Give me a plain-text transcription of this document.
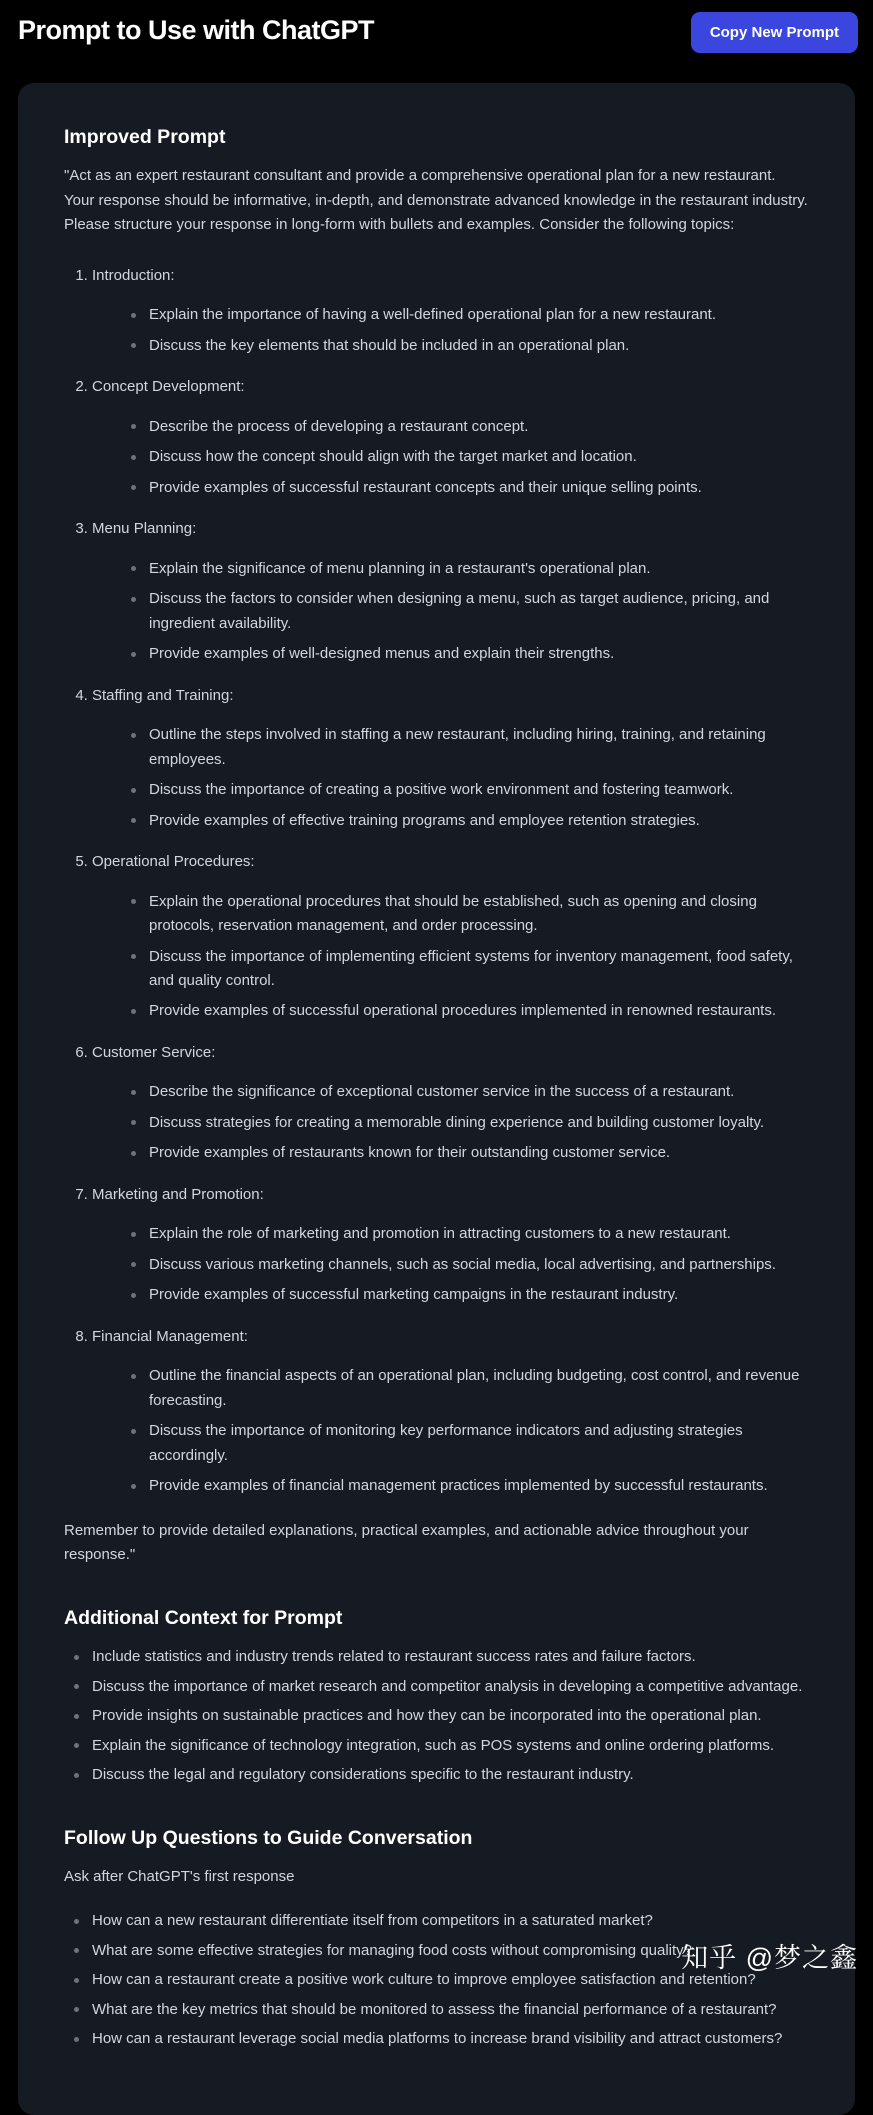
Prompt to Use with ChatGPT	Copy New Prompt
Improved Prompt

"Act as an expert restaurant consultant and provide a comprehensive operational plan for a new restaurant. Your response should be informative, in-depth, and demonstrate advanced knowledge in the restaurant industry. Please structure your response in long-form with bullets and examples. Consider the following topics:

1. Introduction:
Explain the importance of having a well-defined operational plan for a new restaurant.
Discuss the key elements that should be included in an operational plan.
2. Concept Development:
Describe the process of developing a restaurant concept.
Discuss how the concept should align with the target market and location.
Provide examples of successful restaurant concepts and their unique selling points.
3. Menu Planning:
Explain the significance of menu planning in a restaurant's operational plan.
Discuss the factors to consider when designing a menu, such as target audience, pricing, and ingredient availability.
Provide examples of well-designed menus and explain their strengths.
4. Staffing and Training:
Outline the steps involved in staffing a new restaurant, including hiring, training, and retaining employees.
Discuss the importance of creating a positive work environment and fostering teamwork.
Provide examples of effective training programs and employee retention strategies.
5. Operational Procedures:
Explain the operational procedures that should be established, such as opening and closing protocols, reservation management, and order processing.
Discuss the importance of implementing efficient systems for inventory management, food safety, and quality control.
Provide examples of successful operational procedures implemented in renowned restaurants.
6. Customer Service:
Describe the significance of exceptional customer service in the success of a restaurant.
Discuss strategies for creating a memorable dining experience and building customer loyalty.
Provide examples of restaurants known for their outstanding customer service.
7. Marketing and Promotion:
Explain the role of marketing and promotion in attracting customers to a new restaurant.
Discuss various marketing channels, such as social media, local advertising, and partnerships.
Provide examples of successful marketing campaigns in the restaurant industry.
8. Financial Management:
Outline the financial aspects of an operational plan, including budgeting, cost control, and revenue forecasting.
Discuss the importance of monitoring key performance indicators and adjusting strategies accordingly.
Provide examples of financial management practices implemented by successful restaurants.

Remember to provide detailed explanations, practical examples, and actionable advice throughout your response."

Additional Context for Prompt
Include statistics and industry trends related to restaurant success rates and failure factors.
Discuss the importance of market research and competitor analysis in developing a competitive advantage.
Provide insights on sustainable practices and how they can be incorporated into the operational plan.
Explain the significance of technology integration, such as POS systems and online ordering platforms.
Discuss the legal and regulatory considerations specific to the restaurant industry.
Follow Up Questions to Guide Conversation

Ask after ChatGPT's first response

How can a new restaurant differentiate itself from competitors in a saturated market?
What are some effective strategies for managing food costs without compromising quality?
How can a restaurant create a positive work culture to improve employee satisfaction and retention?
What are the key metrics that should be monitored to assess the financial performance of a restaurant?
How can a restaurant leverage social media platforms to increase brand visibility and attract customers?
知乎 @梦之鑫
